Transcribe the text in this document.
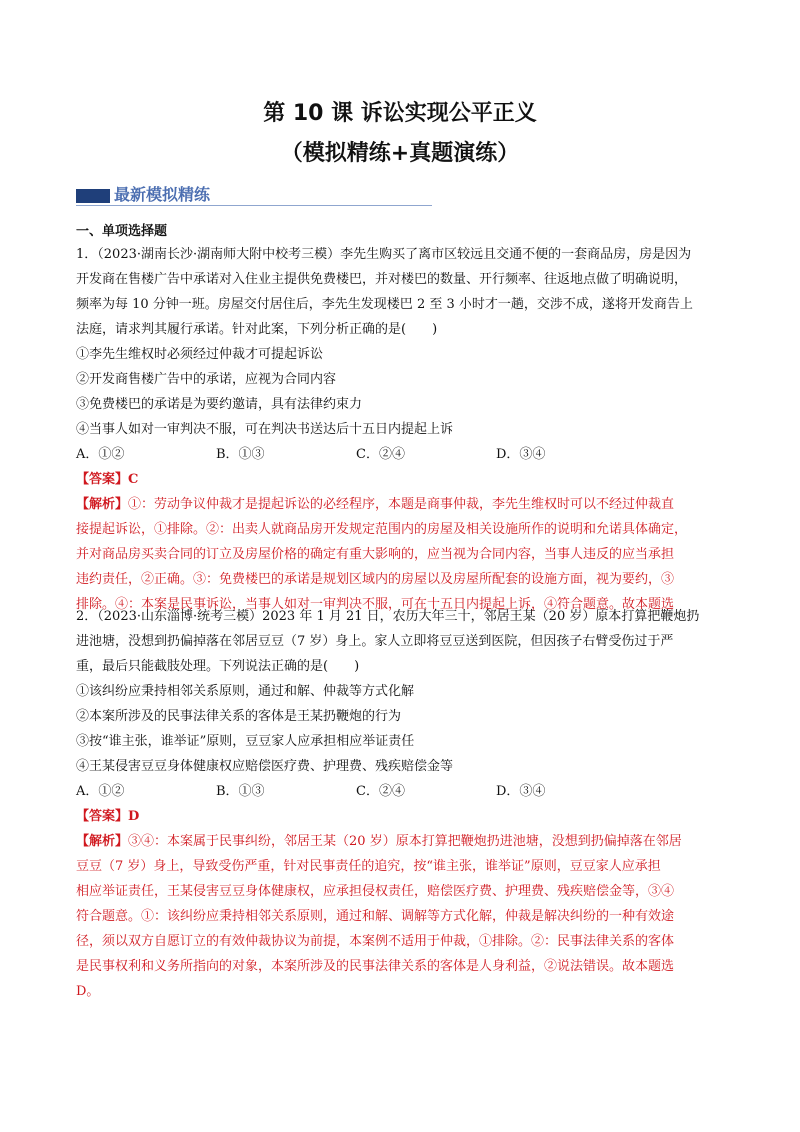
第 10 课 诉讼实现公平正义
（模拟精练+真题演练）
最新模拟精练
一、单项选择题
1．（2023·湖南长沙·湖南师大附中校考三模）李先生购买了离市区较远且交通不便的一套商品房，房是因为
开发商在售楼广告中承诺对入住业主提供免费楼巴，并对楼巴的数量、开行频率、往返地点做了明确说明，
频率为每 10 分钟一班。房屋交付居住后，李先生发现楼巴 2 至 3 小时才一趟，交涉不成，遂将开发商告上
法庭，请求判其履行承诺。针对此案，下列分析正确的是(　　)
①李先生维权时必须经过仲裁才可提起诉讼
②开发商售楼广告中的承诺，应视为合同内容
③免费楼巴的承诺是为要约邀请，具有法律约束力
④当事人如对一审判决不服，可在判决书送达后十五日内提起上诉
A．①②	B．①③	C．②④	D．③④
【答案】C
【解析】①：劳动争议仲裁才是提起诉讼的必经程序，本题是商事仲裁，李先生维权时可以不经过仲裁直
接提起诉讼，①排除。②：出卖人就商品房开发规定范围内的房屋及相关设施所作的说明和允诺具体确定，
并对商品房买卖合同的订立及房屋价格的确定有重大影响的，应当视为合同内容，当事人违反的应当承担
违约责任，②正确。③：免费楼巴的承诺是规划区域内的房屋以及房屋所配套的设施方面，视为要约，③
排除。④：本案是民事诉讼，当事人如对一审判决不服，可在十五日内提起上诉，④符合题意。故本题选
2．（2023·山东淄博·统考三模）2023 年 1 月 21 日，农历大年三十，邻居王某（20 岁）原本打算把鞭炮扔
进池塘，没想到扔偏掉落在邻居豆豆（7 岁）身上。家人立即将豆豆送到医院，但因孩子右臂受伤过于严
重，最后只能截肢处理。下列说法正确的是(　　)
①该纠纷应秉持相邻关系原则，通过和解、仲裁等方式化解
②本案所涉及的民事法律关系的客体是王某扔鞭炮的行为
③按“谁主张，谁举证”原则，豆豆家人应承担相应举证责任
④王某侵害豆豆身体健康权应赔偿医疗费、护理费、残疾赔偿金等
A．①②	B．①③	C．②④	D．③④
【答案】D
【解析】③④：本案属于民事纠纷，邻居王某（20 岁）原本打算把鞭炮扔进池塘，没想到扔偏掉落在邻居
豆豆（7 岁）身上，导致受伤严重，针对民事责任的追究，按“谁主张，谁举证”原则，豆豆家人应承担
相应举证责任，王某侵害豆豆身体健康权，应承担侵权责任，赔偿医疗费、护理费、残疾赔偿金等，③④
符合题意。①：该纠纷应秉持相邻关系原则，通过和解、调解等方式化解，仲裁是解决纠纷的一种有效途
径，须以双方自愿订立的有效仲裁协议为前提，本案例不适用于仲裁，①排除。②：民事法律关系的客体
是民事权利和义务所指向的对象，本案所涉及的民事法律关系的客体是人身利益，②说法错误。故本题选
D。
